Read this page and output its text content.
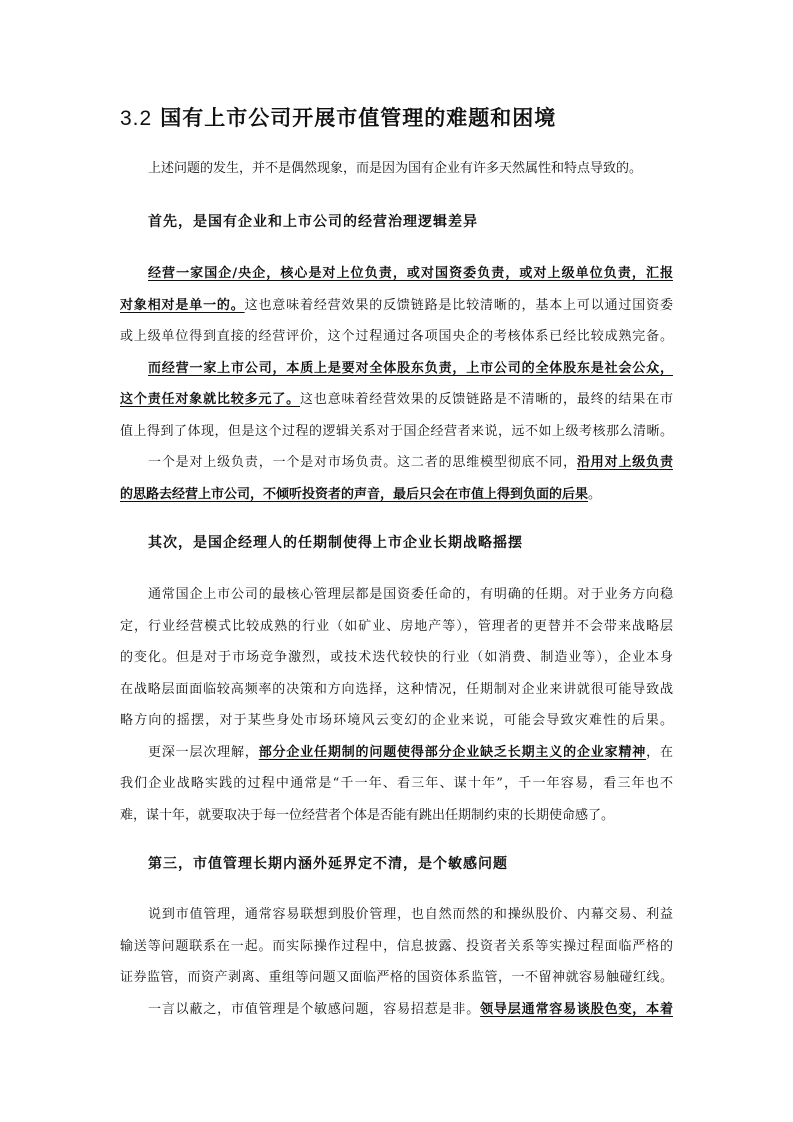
3.2 国有上市公司开展市值管理的难题和困境
上述问题的发生，并不是偶然现象，而是因为国有企业有许多天然属性和特点导致的。
首先，是国有企业和上市公司的经营治理逻辑差异
经营一家国企/央企，核心是对上位负责，或对国资委负责，或对上级单位负责，汇报
对象相对是单一的。这也意味着经营效果的反馈链路是比较清晰的，基本上可以通过国资委
或上级单位得到直接的经营评价，这个过程通过各项国央企的考核体系已经比较成熟完备。
而经营一家上市公司，本质上是要对全体股东负责，上市公司的全体股东是社会公众，
这个责任对象就比较多元了。这也意味着经营效果的反馈链路是不清晰的，最终的结果在市
值上得到了体现，但是这个过程的逻辑关系对于国企经营者来说，远不如上级考核那么清晰。
一个是对上级负责，一个是对市场负责。这二者的思维模型彻底不同，沿用对上级负责
的思路去经营上市公司，不倾听投资者的声音，最后只会在市值上得到负面的后果。
其次，是国企经理人的任期制使得上市企业长期战略摇摆
通常国企上市公司的最核心管理层都是国资委任命的，有明确的任期。对于业务方向稳
定，行业经营模式比较成熟的行业（如矿业、房地产等），管理者的更替并不会带来战略层
的变化。但是对于市场竞争激烈，或技术迭代较快的行业（如消费、制造业等），企业本身
在战略层面面临较高频率的决策和方向选择，这种情况，任期制对企业来讲就很可能导致战
略方向的摇摆，对于某些身处市场环境风云变幻的企业来说，可能会导致灾难性的后果。
更深一层次理解，部分企业任期制的问题使得部分企业缺乏长期主义的企业家精神，在
我们企业战略实践的过程中通常是“千一年、看三年、谋十年”，千一年容易，看三年也不
难，谋十年，就要取决于每一位经营者个体是否能有跳出任期制约束的长期使命感了。
第三，市值管理长期内涵外延界定不清，是个敏感问题
说到市值管理，通常容易联想到股价管理，也自然而然的和操纵股价、内幕交易、利益
输送等问题联系在一起。而实际操作过程中，信息披露、投资者关系等实操过程面临严格的
证券监管，而资产剥离、重组等问题又面临严格的国资体系监管，一不留神就容易触碰红线。
一言以蔽之，市值管理是个敏感问题，容易招惹是非。领导层通常容易谈股色变，本着
